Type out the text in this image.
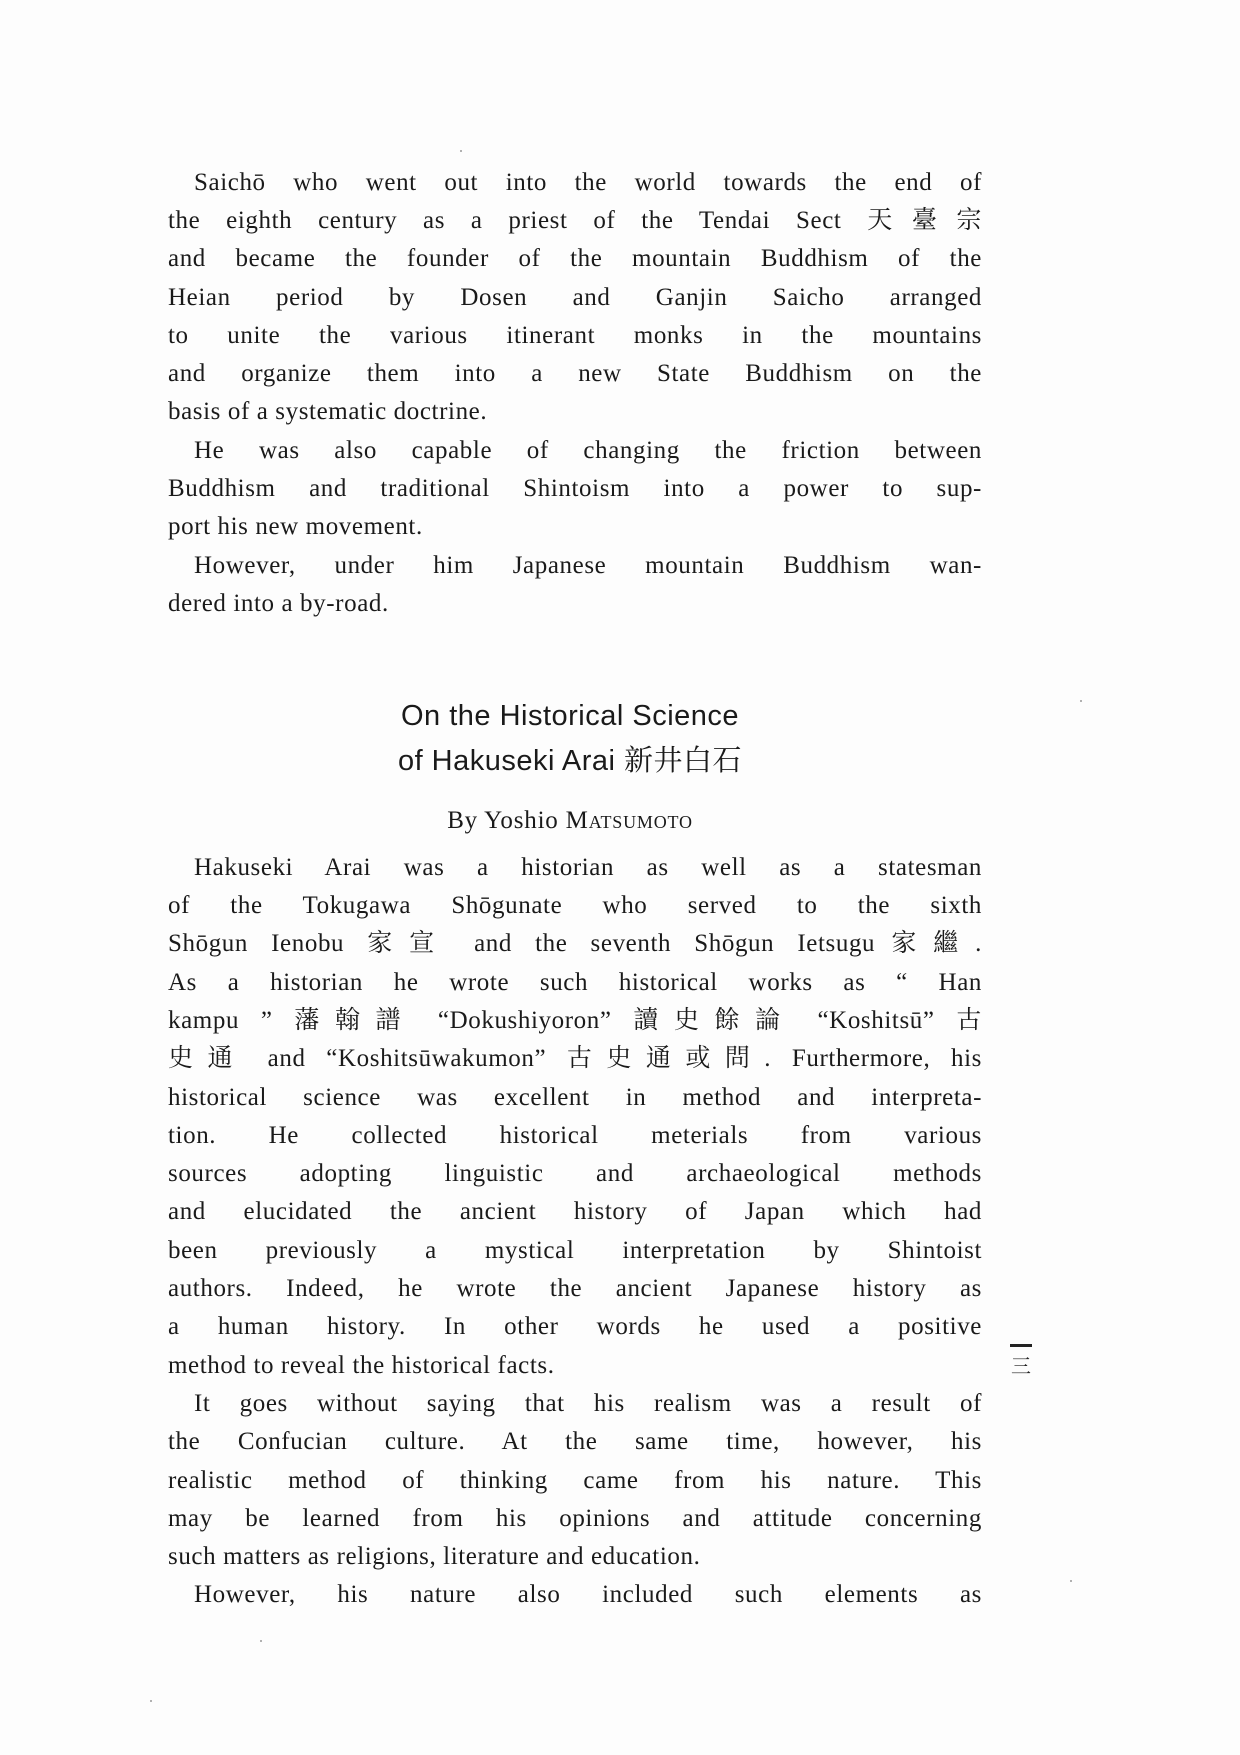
Saichō who went out into the world towards the end of
the eighth century as a priest of the Tendai Sect 天臺宗
and became the founder of the mountain Buddhism of the
Heian period by Dosen and Ganjin Saicho arranged
to unite the various itinerant monks in the mountains
and organize them into a new State Buddhism on the
basis of a systematic doctrine.
He was also capable of changing the friction between
Buddhism and traditional Shintoism into a power to sup-
port his new movement.
However, under him Japanese mountain Buddhism wan-
dered into a by-road.
On the Historical Science
of Hakuseki Arai 新井白石
By Yoshio Matsumoto
Hakuseki Arai was a historian as well as a statesman
of the Tokugawa Shōgunate who served to the sixth
Shōgun Ienobu 家宣 and the seventh Shōgun Ietsugu家繼.
As a historian he wrote such historical works as “ Han
kampu ” 藩翰譜 “Dokushiyoron” 讀史餘論 “Koshitsū” 古
史通 and “Koshitsūwakumon” 古史通或問. Furthermore, his
historical science was excellent in method and interpreta-
tion. He collected historical meterials from various
sources adopting linguistic and archaeological methods
and elucidated the ancient history of Japan which had
been previously a mystical interpretation by Shintoist
authors. Indeed, he wrote the ancient Japanese history as
a human history. In other words he used a positive
method to reveal the historical facts.
It goes without saying that his realism was a result of
the Confucian culture. At the same time, however, his
realistic method of thinking came from his nature. This
may be learned from his opinions and attitude concerning
such matters as religions, literature and education.
However, his nature also included such elements as
三
